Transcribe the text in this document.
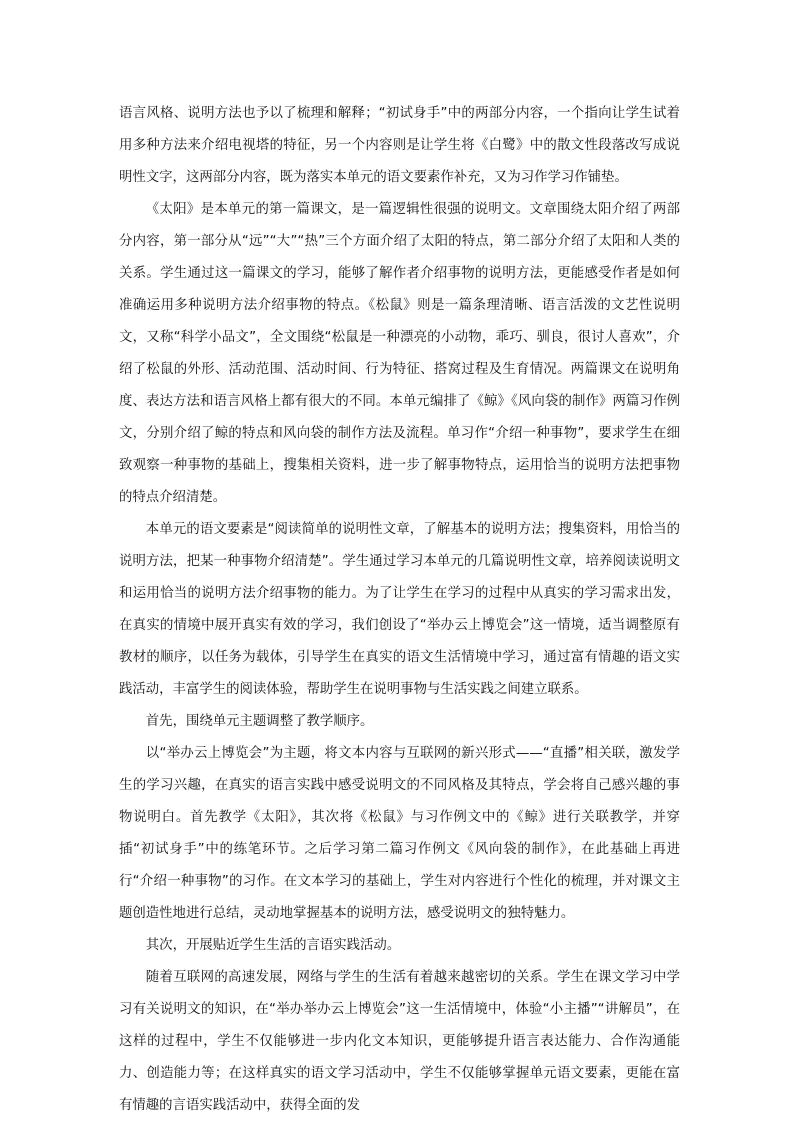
语言风格、说明方法也予以了梳理和解释；“初试身手”中的两部分内容，一个指向让学生试着用多种方法来介绍电视塔的特征，另一个内容则是让学生将《白鹭》中的散文性段落改写成说明性文字，这两部分内容，既为落实本单元的语文要素作补充，又为习作学习作铺垫。

《太阳》是本单元的第一篇课文，是一篇逻辑性很强的说明文。文章围绕太阳介绍了两部分内容，第一部分从“远”“大”“热”三个方面介绍了太阳的特点，第二部分介绍了太阳和人类的关系。学生通过这一篇课文的学习，能够了解作者介绍事物的说明方法，更能感受作者是如何准确运用多种说明方法介绍事物的特点。《松鼠》则是一篇条理清晰、语言活泼的文艺性说明文，又称“科学小品文”，全文围绕“松鼠是一种漂亮的小动物，乖巧、驯良，很讨人喜欢”，介绍了松鼠的外形、活动范围、活动时间、行为特征、搭窝过程及生育情况。两篇课文在说明角度、表达方法和语言风格上都有很大的不同。本单元编排了《鲸》《风向袋的制作》两篇习作例文，分别介绍了鲸的特点和风向袋的制作方法及流程。单习作“介绍一种事物”，要求学生在细致观察一种事物的基础上，搜集相关资料，进一步了解事物特点，运用恰当的说明方法把事物的特点介绍清楚。

本单元的语文要素是“阅读简单的说明性文章，了解基本的说明方法；搜集资料，用恰当的说明方法，把某一种事物介绍清楚”。学生通过学习本单元的几篇说明性文章，培养阅读说明文和运用恰当的说明方法介绍事物的能力。为了让学生在学习的过程中从真实的学习需求出发，在真实的情境中展开真实有效的学习，我们创设了“举办云上博览会”这一情境，适当调整原有教材的顺序，以任务为载体，引导学生在真实的语文生活情境中学习，通过富有情趣的语文实践活动，丰富学生的阅读体验，帮助学生在说明事物与生活实践之间建立联系。

首先，围绕单元主题调整了教学顺序。

以“举办云上博览会”为主题，将文本内容与互联网的新兴形式——“直播”相关联，激发学生的学习兴趣，在真实的语言实践中感受说明文的不同风格及其特点，学会将自己感兴趣的事物说明白。首先教学《太阳》，其次将《松鼠》与习作例文中的《鲸》进行关联教学，并穿插“初试身手”中的练笔环节。之后学习第二篇习作例文《风向袋的制作》，在此基础上再进行“介绍一种事物”的习作。在文本学习的基础上，学生对内容进行个性化的梳理，并对课文主题创造性地进行总结，灵动地掌握基本的说明方法，感受说明文的独特魅力。

其次，开展贴近学生生活的言语实践活动。

随着互联网的高速发展，网络与学生的生活有着越来越密切的关系。学生在课文学习中学习有关说明文的知识，在“举办举办云上博览会”这一生活情境中，体验“小主播”“讲解员”，在这样的过程中，学生不仅能够进一步内化文本知识，更能够提升语言表达能力、合作沟通能力、创造能力等；在这样真实的语文学习活动中，学生不仅能够掌握单元语文要素，更能在富有情趣的言语实践活动中，获得全面的发
